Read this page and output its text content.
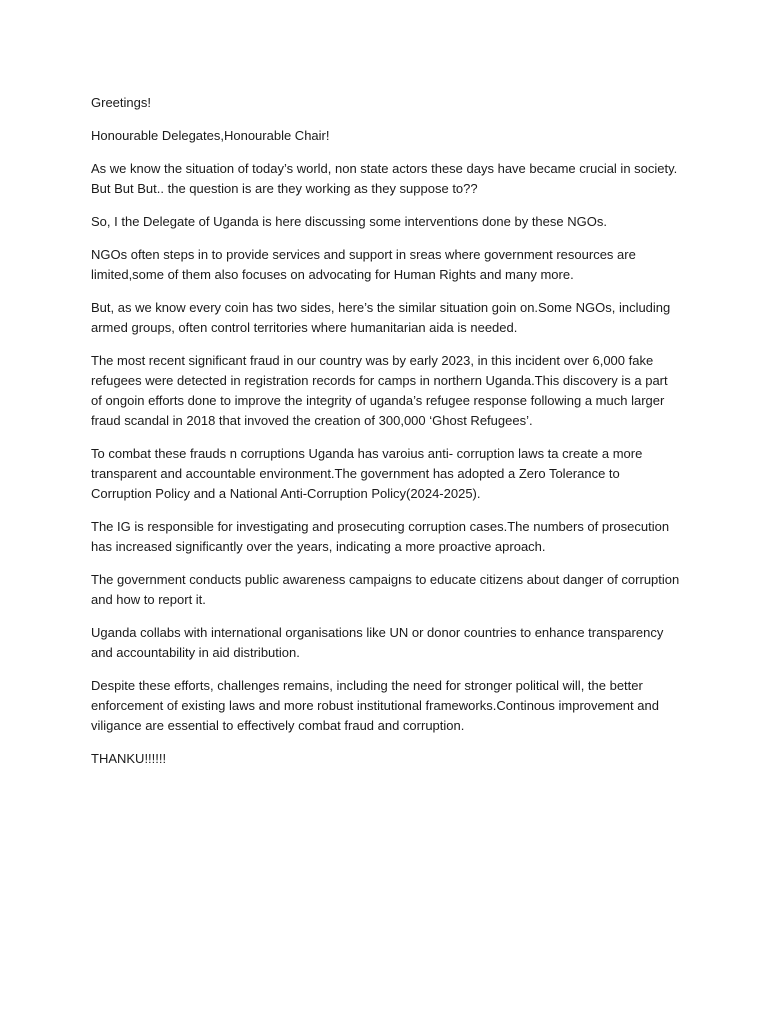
Greetings!

Honourable Delegates,Honourable Chair!

As we know the situation of today’s world, non state actors these days have became crucial in society. But But But.. the question is are they working as they suppose to??

So, I the Delegate of Uganda is here discussing some interventions done by these NGOs.

NGOs often steps in to provide services and support in sreas where government resources are limited,some of them also focuses on advocating for Human Rights and many more.

But, as we know every coin has two sides, here’s the similar situation goin on.Some NGOs, including armed groups, often control territories where humanitarian aida is needed.

The most recent significant fraud in our country was by early 2023, in this incident over 6,000 fake refugees were detected in registration records for camps in northern Uganda.This discovery is a part of ongoin efforts done to improve the integrity of uganda’s refugee response following a much larger fraud scandal in 2018 that invoved the creation of 300,000 ‘Ghost Refugees’.

To combat these frauds n corruptions Uganda has varoius anti- corruption laws ta create a more transparent and accountable environment.The government has adopted a Zero Tolerance to Corruption Policy and a National Anti-Corruption Policy(2024-2025).

The IG is responsible for investigating and prosecuting corruption cases.The numbers of prosecution has increased significantly over the years, indicating a more proactive aproach.

The government conducts public awareness campaigns to educate citizens about danger of corruption and how to report it.

Uganda collabs with international organisations like UN or donor countries to enhance transparency and accountability in aid distribution.

Despite these efforts, challenges remains, including the need for stronger political will, the better enforcement of existing laws and more robust institutional frameworks.Continous improvement and viligance are essential to effectively combat fraud and corruption.

THANKU!!!!!!
